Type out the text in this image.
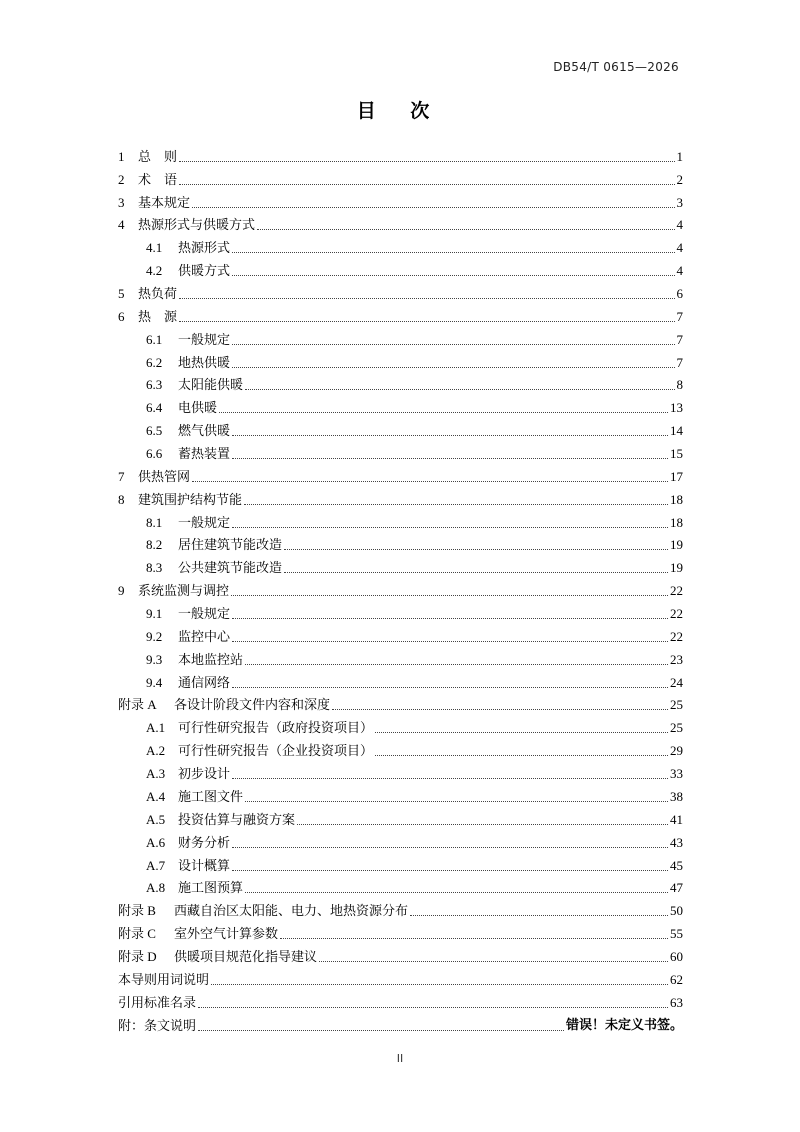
DB54/T 0615—2026
目 次
1	总　则	1
2	术　语	2
3	基本规定	3
4	热源形式与供暖方式	4
4.1	热源形式	4
4.2	供暖方式	4
5	热负荷	6
6	热　源	7
6.1	一般规定	7
6.2	地热供暖	7
6.3	太阳能供暖	8
6.4	电供暖	13
6.5	燃气供暖	14
6.6	蓄热装置	15
7	供热管网	17
8	建筑围护结构节能	18
8.1	一般规定	18
8.2	居住建筑节能改造	19
8.3	公共建筑节能改造	19
9	系统监测与调控	22
9.1	一般规定	22
9.2	监控中心	22
9.3	本地监控站	23
9.4	通信网络	24
附录 A	各设计阶段文件内容和深度	25
A.1 可行性研究报告（政府投资项目）	25
A.2 可行性研究报告（企业投资项目）	29
A.3 初步设计	33
A.4 施工图文件	38
A.5 投资估算与融资方案	41
A.6 财务分析	43
A.7 设计概算	45
A.8 施工图预算	47
附录 B	西藏自治区太阳能、电力、地热资源分布	50
附录 C	室外空气计算参数	55
附录 D	供暖项目规范化指导建议	60
本导则用词说明	62
引用标准名录	63
附：条文说明	错误！未定义书签。
II
